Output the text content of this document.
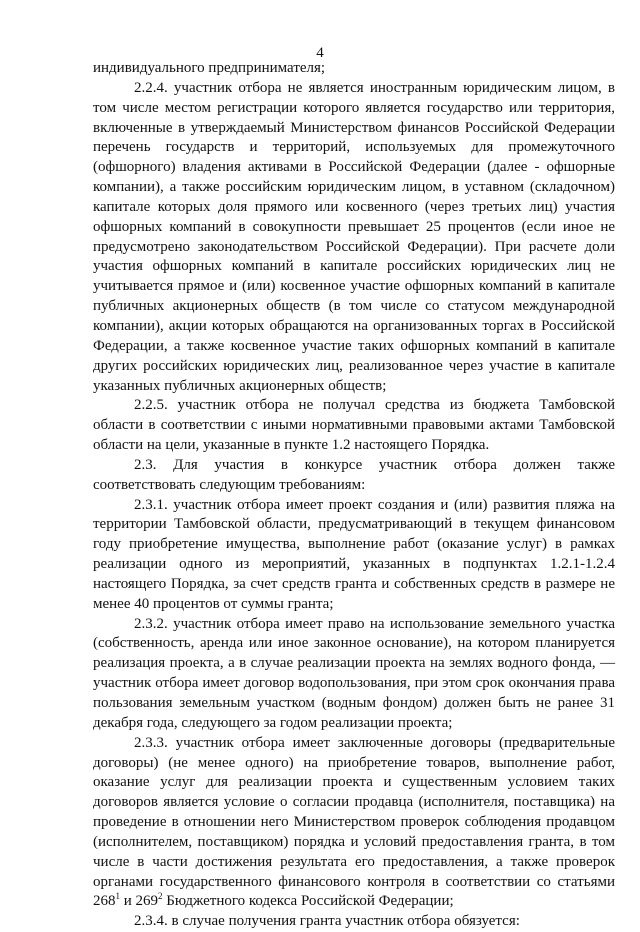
4

индивидуального предпринимателя;

2.2.4. участник отбора не является иностранным юридическим лицом, в том числе местом регистрации которого является государство или территория, включенные в утверждаемый Министерством финансов Российской Федерации перечень государств и территорий, используемых для промежуточного (офшорного) владения активами в Российской Федерации (далее - офшорные компании), а также российским юридическим лицом, в уставном (складочном) капитале которых доля прямого или косвенного (через третьих лиц) участия офшорных компаний в совокупности превышает 25 процентов (если иное не предусмотрено законодательством Российской Федерации). При расчете доли участия офшорных компаний в капитале российских юридических лиц не учитывается прямое и (или) косвенное участие офшорных компаний в капитале публичных акционерных обществ (в том числе со статусом международной компании), акции которых обращаются на организованных торгах в Российской Федерации, а также косвенное участие таких офшорных компаний в капитале других российских юридических лиц, реализованное через участие в капитале указанных публичных акционерных обществ;

2.2.5. участник отбора не получал средства из бюджета Тамбовской области в соответствии с иными нормативными правовыми актами Тамбовской области на цели, указанные в пункте 1.2 настоящего Порядка.

2.3. Для участия в конкурсе участник отбора должен также соответствовать следующим требованиям:

2.3.1. участник отбора имеет проект создания и (или) развития пляжа на территории Тамбовской области, предусматривающий в текущем финансовом году приобретение имущества, выполнение работ (оказание услуг) в рамках реализации одного из мероприятий, указанных в подпунктах 1.2.1-1.2.4 настоящего Порядка, за счет средств гранта и собственных средств в размере не менее 40 процентов от суммы гранта;

2.3.2. участник отбора имеет право на использование земельного участка (собственность, аренда или иное законное основание), на котором планируется реализация проекта, а в случае реализации проекта на землях водного фонда, — участник отбора имеет договор водопользования, при этом срок окончания права пользования земельным участком (водным фондом) должен быть не ранее 31 декабря года, следующего за годом реализации проекта;

2.3.3. участник отбора имеет заключенные договоры (предварительные договоры) (не менее одного) на приобретение товаров, выполнение работ, оказание услуг для реализации проекта и существенным условием таких договоров является условие о согласии продавца (исполнителя, поставщика) на проведение в отношении него Министерством проверок соблюдения продавцом (исполнителем, поставщиком) порядка и условий предоставления гранта, в том числе в части достижения результата его предоставления, а также проверок органами государственного финансового контроля в соответствии со статьями $268^1$ и $269^2$ Бюджетного кодекса Российской Федерации;

2.3.4. в случае получения гранта участник отбора обязуется:
